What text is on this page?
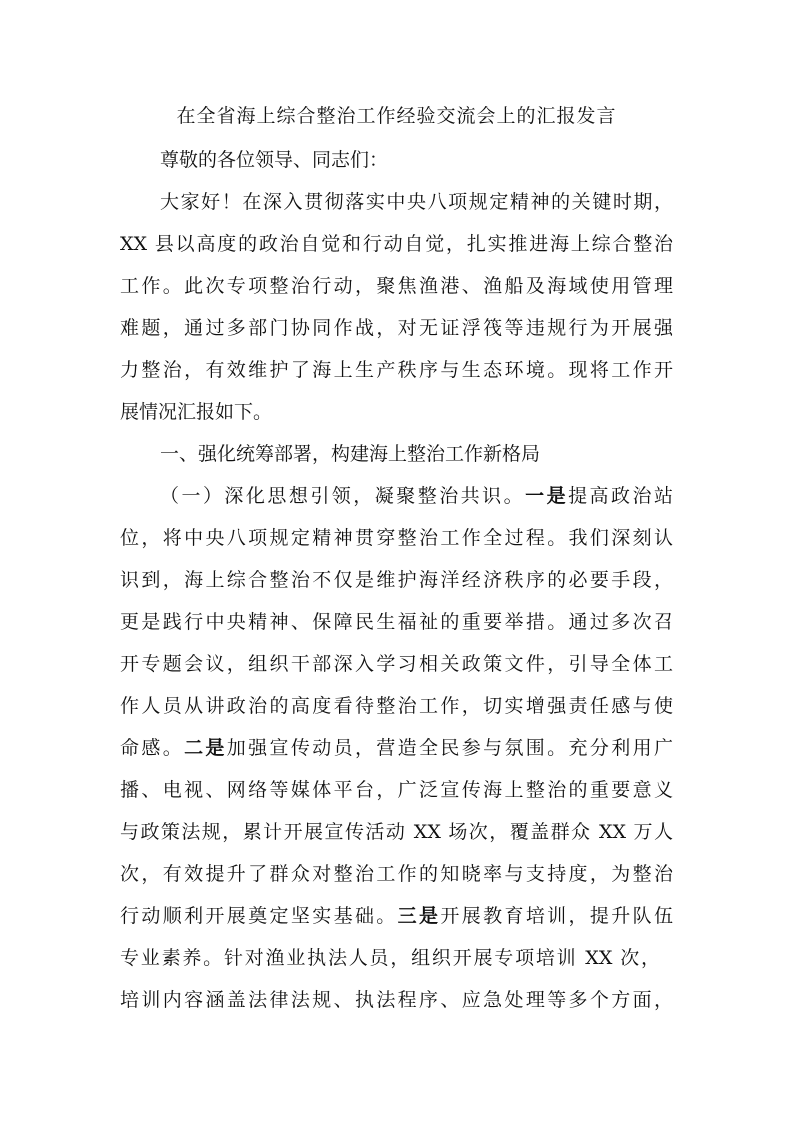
在全省海上综合整治工作经验交流会上的汇报发言
尊敬的各位领导、同志们：
大家好！在深入贯彻落实中央八项规定精神的关键时期，
XX 县以高度的政治自觉和行动自觉，扎实推进海上综合整治
工作。此次专项整治行动，聚焦渔港、渔船及海域使用管理
难题，通过多部门协同作战，对无证浮筏等违规行为开展强
力整治，有效维护了海上生产秩序与生态环境。现将工作开
展情况汇报如下。
一、强化统筹部署，构建海上整治工作新格局
（一）深化思想引领，凝聚整治共识。一是提高政治站
位，将中央八项规定精神贯穿整治工作全过程。我们深刻认
识到，海上综合整治不仅是维护海洋经济秩序的必要手段，
更是践行中央精神、保障民生福祉的重要举措。通过多次召
开专题会议，组织干部深入学习相关政策文件，引导全体工
作人员从讲政治的高度看待整治工作，切实增强责任感与使
命感。二是加强宣传动员，营造全民参与氛围。充分利用广
播、电视、网络等媒体平台，广泛宣传海上整治的重要意义
与政策法规，累计开展宣传活动 XX 场次，覆盖群众 XX 万人
次，有效提升了群众对整治工作的知晓率与支持度，为整治
行动顺利开展奠定坚实基础。三是开展教育培训，提升队伍
专业素养。针对渔业执法人员，组织开展专项培训 XX 次，
培训内容涵盖法律法规、执法程序、应急处理等多个方面，
